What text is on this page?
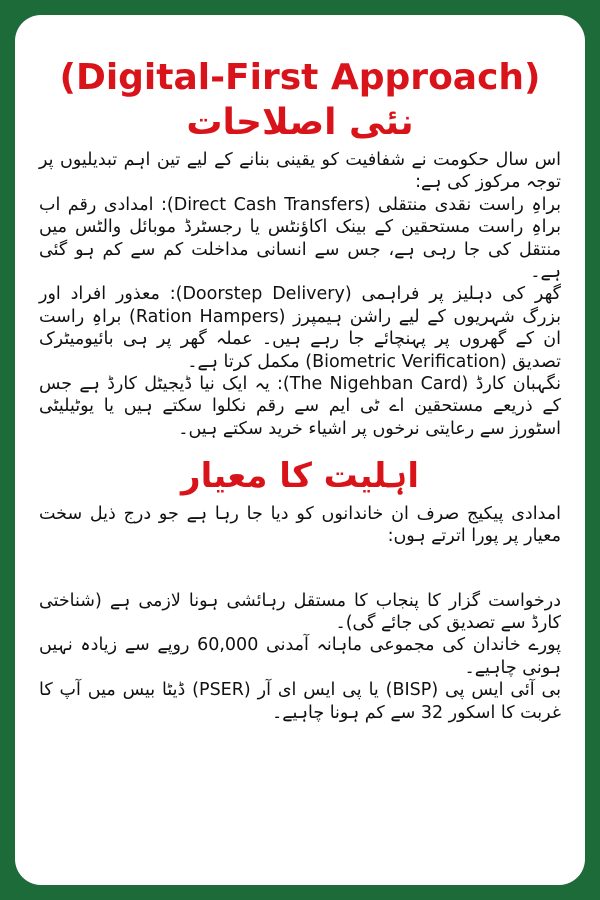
(Digital-First Approach) نئی اصلاحات

اس سال حکومت نے شفافیت کو یقینی بنانے کے لیے تین اہم تبدیلیوں پر توجہ مرکوز کی ہے:

براہِ راست نقدی منتقلی (Direct Cash Transfers): امدادی رقم اب براہِ راست مستحقین کے بینک اکاؤنٹس یا رجسٹرڈ موبائل والٹس میں منتقل کی جا رہی ہے، جس سے انسانی مداخلت کم سے کم ہو گئی ہے۔

گھر کی دہلیز پر فراہمی (Doorstep Delivery): معذور افراد اور بزرگ شہریوں کے لیے راشن ہیمپرز (Ration Hampers) براہِ راست ان کے گھروں پر پہنچائے جا رہے ہیں۔ عملہ گھر پر ہی بائیومیٹرک تصدیق (Biometric Verification) مکمل کرتا ہے۔

نگہبان کارڈ (The Nigehban Card): یہ ایک نیا ڈیجیٹل کارڈ ہے جس کے ذریعے مستحقین اے ٹی ایم سے رقم نکلوا سکتے ہیں یا یوٹیلیٹی اسٹورز سے رعایتی نرخوں پر اشیاء خرید سکتے ہیں۔

اہلیت کا معیار

امدادی پیکیج صرف ان خاندانوں کو دیا جا رہا ہے جو درج ذیل سخت معیار پر پورا اترتے ہوں:

درخواست گزار کا پنجاب کا مستقل رہائشی ہونا لازمی ہے (شناختی کارڈ سے تصدیق کی جائے گی)۔

پورے خاندان کی مجموعی ماہانہ آمدنی 60,000 روپے سے زیادہ نہیں ہونی چاہیے۔

بی آئی ایس پی (BISP) یا پی ایس ای آر (PSER) ڈیٹا بیس میں آپ کا غربت کا اسکور 32 سے کم ہونا چاہیے۔
